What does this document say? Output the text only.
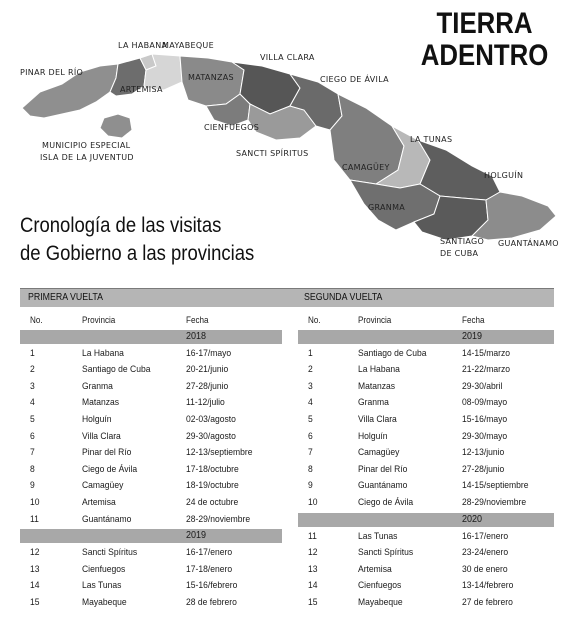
PINAR DEL RÍO
LA HABANA
MAYABEQUE
ARTEMISA
MATANZAS
VILLA CLARA
CIEGO DE ÁVILA
CIENFUEGOS
MUNICIPIO ESPECIAL
ISLA DE LA JUVENTUD	SANCTI SPÍRITUS
LA TUNAS
CAMAGÜEY
HOLGUÍN
GRANMA
SANTIAGO
DE CUBA
GUANTÁNAMO
TIERRA
ADENTRO
Cronología de las visitas
de Gobierno a las provincias
PRIMERA VUELTA	SEGUNDA VUELTA
No.	Provincia	Fecha
2018
1	La Habana	16-17/mayo
2	Santiago de Cuba	20-21/junio
3	Granma	27-28/junio
4	Matanzas	11-12/julio
5	Holguín	02-03/agosto
6	Villa Clara	29-30/agosto
7	Pinar del Río	12-13/septiembre
8	Ciego de Ávila	17-18/octubre
9	Camagüey	18-19/octubre
10	Artemisa	24 de octubre
11	Guantánamo	28-29/noviembre
2019
12	Sancti Spíritus	16-17/enero
13	Cienfuegos	17-18/enero
14	Las Tunas	15-16/febrero
15	Mayabeque	28 de febrero
No.	Provincia	Fecha
2019
1	Santiago de Cuba	14-15/marzo
2	La Habana	21-22/marzo
3	Matanzas	29-30/abril
4	Granma	08-09/mayo
5	Villa Clara	15-16/mayo
6	Holguín	29-30/mayo
7	Camagüey	12-13/junio
8	Pinar del Río	27-28/junio
9	Guantánamo	14-15/septiembre
10	Ciego de Ávila	28-29/noviembre
2020
11	Las Tunas	16-17/enero
12	Sancti Spíritus	23-24/enero
13	Artemisa	30 de enero
14	Cienfuegos	13-14/febrero
15	Mayabeque	27 de febrero
